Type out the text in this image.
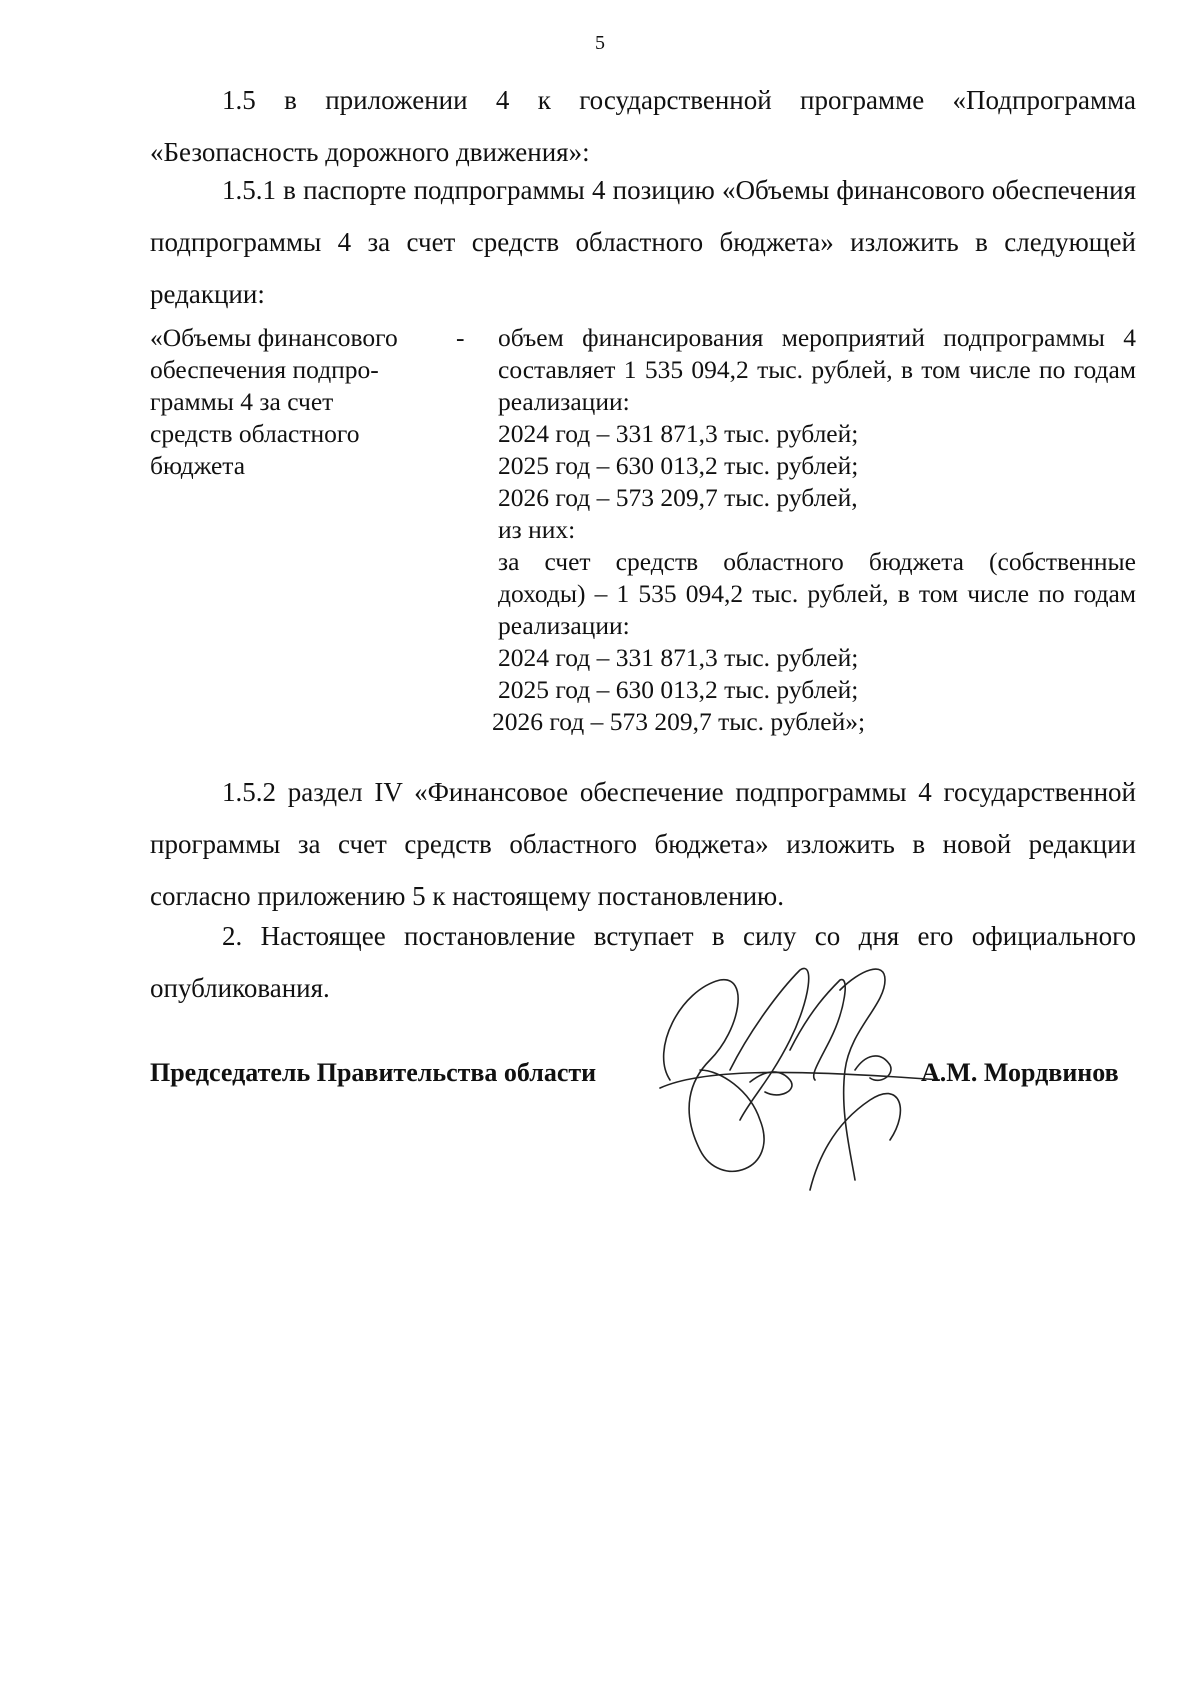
5
1.5 в приложении 4 к государственной программе «Подпрограмма «Безопасность дорожного движения»:
1.5.1 в паспорте подпрограммы 4 позицию «Объемы финансового обеспечения подпрограммы 4 за счет средств областного бюджета» изложить в следующей редакции:
«Объемы финансового
обеспечения подпро-
граммы 4 за счет
средств областного
бюджета
- объем финансирования мероприятий подпрограммы 4 составляет 1 535 094,2 тыс. рублей, в том числе по годам реализации:
2024 год – 331 871,3 тыс. рублей;
2025 год – 630 013,2 тыс. рублей;
2026 год – 573 209,7 тыс. рублей,
из них:
за счет средств областного бюджета (собственные доходы) – 1 535 094,2 тыс. рублей, в том числе по годам реализации:
2024 год – 331 871,3 тыс. рублей;
2025 год – 630 013,2 тыс. рублей;
2026 год – 573 209,7 тыс. рублей»;
1.5.2 раздел IV «Финансовое обеспечение подпрограммы 4 государственной программы за счет средств областного бюджета» изложить в новой редакции согласно приложению 5 к настоящему постановлению.
2. Настоящее постановление вступает в силу со дня его официального опубликования.
Председатель Правительства области	А.М. Мордвинов
